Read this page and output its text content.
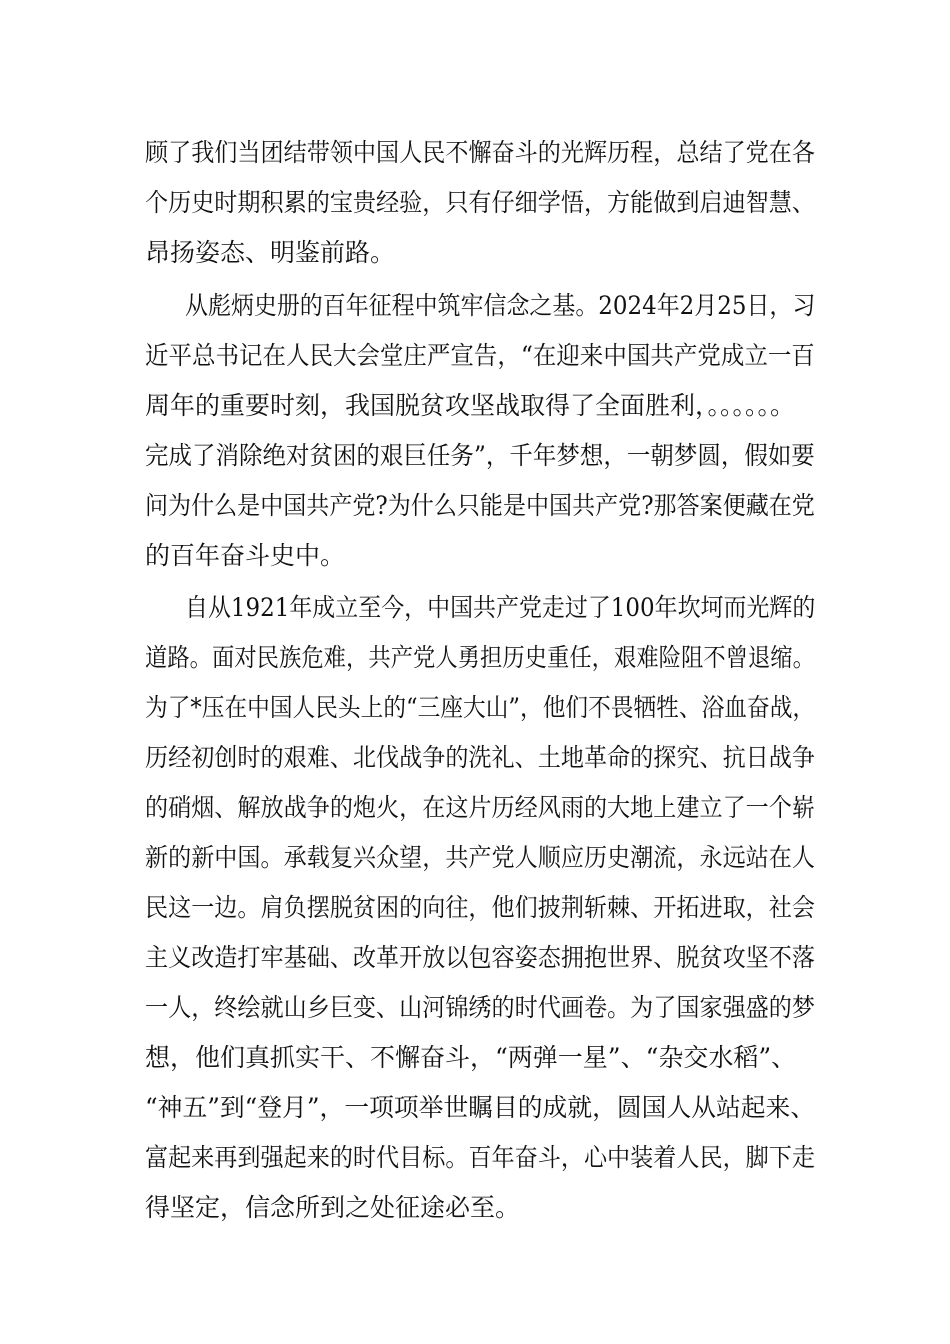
顾了我们当团结带领中国人民不懈奋斗的光辉历程，总结了党在各
个历史时期积累的宝贵经验，只有仔细学悟，方能做到启迪智慧、
昂扬姿态、明鉴前路。
从彪炳史册的百年征程中筑牢信念之基。2024年2月25日，习
近平总书记在人民大会堂庄严宣告，“在迎来中国共产党成立一百
周年的重要时刻，我国脱贫攻坚战取得了全面胜利，。。。。。。
完成了消除绝对贫困的艰巨任务”，千年梦想，一朝梦圆，假如要
问为什么是中国共产党?为什么只能是中国共产党?那答案便藏在党
的百年奋斗史中。
自从1921年成立至今，中国共产党走过了100年坎坷而光辉的
道路。面对民族危难，共产党人勇担历史重任，艰难险阻不曾退缩。
为了*压在中国人民头上的“三座大山”，他们不畏牺牲、浴血奋战，
历经初创时的艰难、北伐战争的洗礼、土地革命的探究、抗日战争
的硝烟、解放战争的炮火，在这片历经风雨的大地上建立了一个崭
新的新中国。承载复兴众望，共产党人顺应历史潮流，永远站在人
民这一边。肩负摆脱贫困的向往，他们披荆斩棘、开拓进取，社会
主义改造打牢基础、改革开放以包容姿态拥抱世界、脱贫攻坚不落
一人，终绘就山乡巨变、山河锦绣的时代画卷。为了国家强盛的梦
想，他们真抓实干、不懈奋斗，“两弹一星”、“杂交水稻”、
“神五”到“登月”，一项项举世瞩目的成就，圆国人从站起来、
富起来再到强起来的时代目标。百年奋斗，心中装着人民，脚下走
得坚定，信念所到之处征途必至。
